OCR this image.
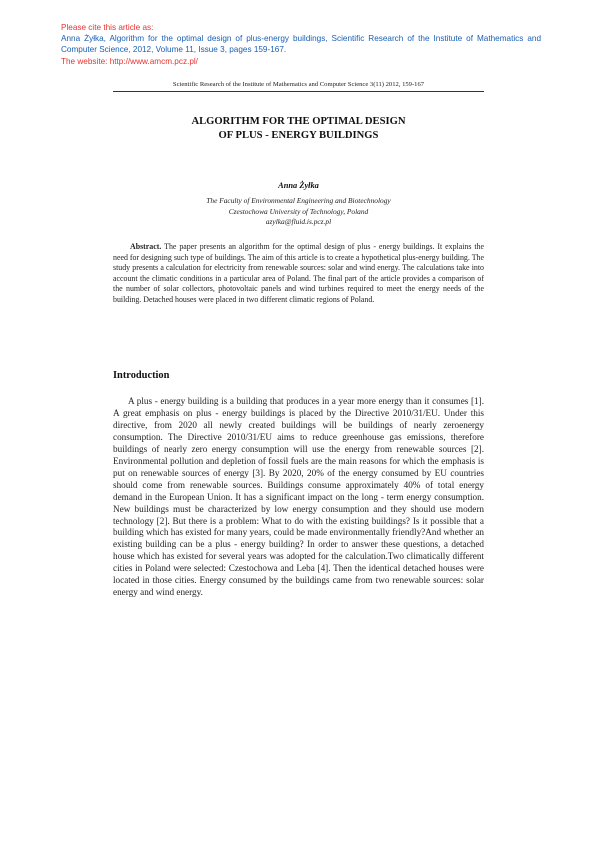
Please cite this article as:
Anna Żyłka, Algorithm for the optimal design of plus-energy buildings, Scientific Research of the Institute of Mathematics and Computer Science, 2012, Volume 11, Issue 3, pages 159-167.
The website: http://www.amcm.pcz.pl/
Scientific Research of the Institute of Mathematics and Computer Science 3(11) 2012, 159-167
ALGORITHM FOR THE OPTIMAL DESIGN
OF PLUS - ENERGY BUILDINGS
Anna Żyłka
The Faculty of Environmental Engineering and Biotechnology
Czestochowa University of Technology, Poland
azylka@fluid.is.pcz.pl
Abstract. The paper presents an algorithm for the optimal design of plus - energy buildings. It explains the need for designing such type of buildings. The aim of this article is to create a hypothetical plus-energy building. The study presents a calculation for electricity from renewable sources: solar and wind energy. The calculations take into account the climatic conditions in a particular area of Poland. The final part of the article provides a comparison of the number of solar collectors, photovoltaic panels and wind turbines required to meet the energy needs of the building. Detached houses were placed in two different climatic regions of Poland.
Introduction

A plus - energy building is a building that produces in a year more energy than it consumes [1]. A great emphasis on plus - energy buildings is placed by the Directive 2010/31/EU. Under this directive, from 2020 all newly created buildings will be buildings of nearly zeroenergy consumption. The Directive 2010/31/EU aims to reduce greenhouse gas emissions, therefore buildings of nearly zero energy consumption will use the energy from renewable sources [2]. Environmental pollution and depletion of fossil fuels are the main reasons for which the emphasis is put on renewable sources of energy [3]. By 2020, 20% of the energy consumed by EU countries should come from renewable sources. Buildings consume approximately 40% of total energy demand in the European Union. It has a significant impact on the long - term energy consumption. New buildings must be characterized by low energy consumption and they should use modern technology [2]. But there is a problem: What to do with the existing buildings? Is it possible that a building which has existed for many years, could be made environmentally friendly?And whether an existing building can be a plus - energy building? In order to answer these questions, a detached house which has existed for several years was adopted for the calculation.Two climatically different cities in Poland were selected: Czestochowa and Leba [4]. Then the identical detached houses were located in those cities. Energy consumed by the buildings came from two renewable sources: solar energy and wind energy.
